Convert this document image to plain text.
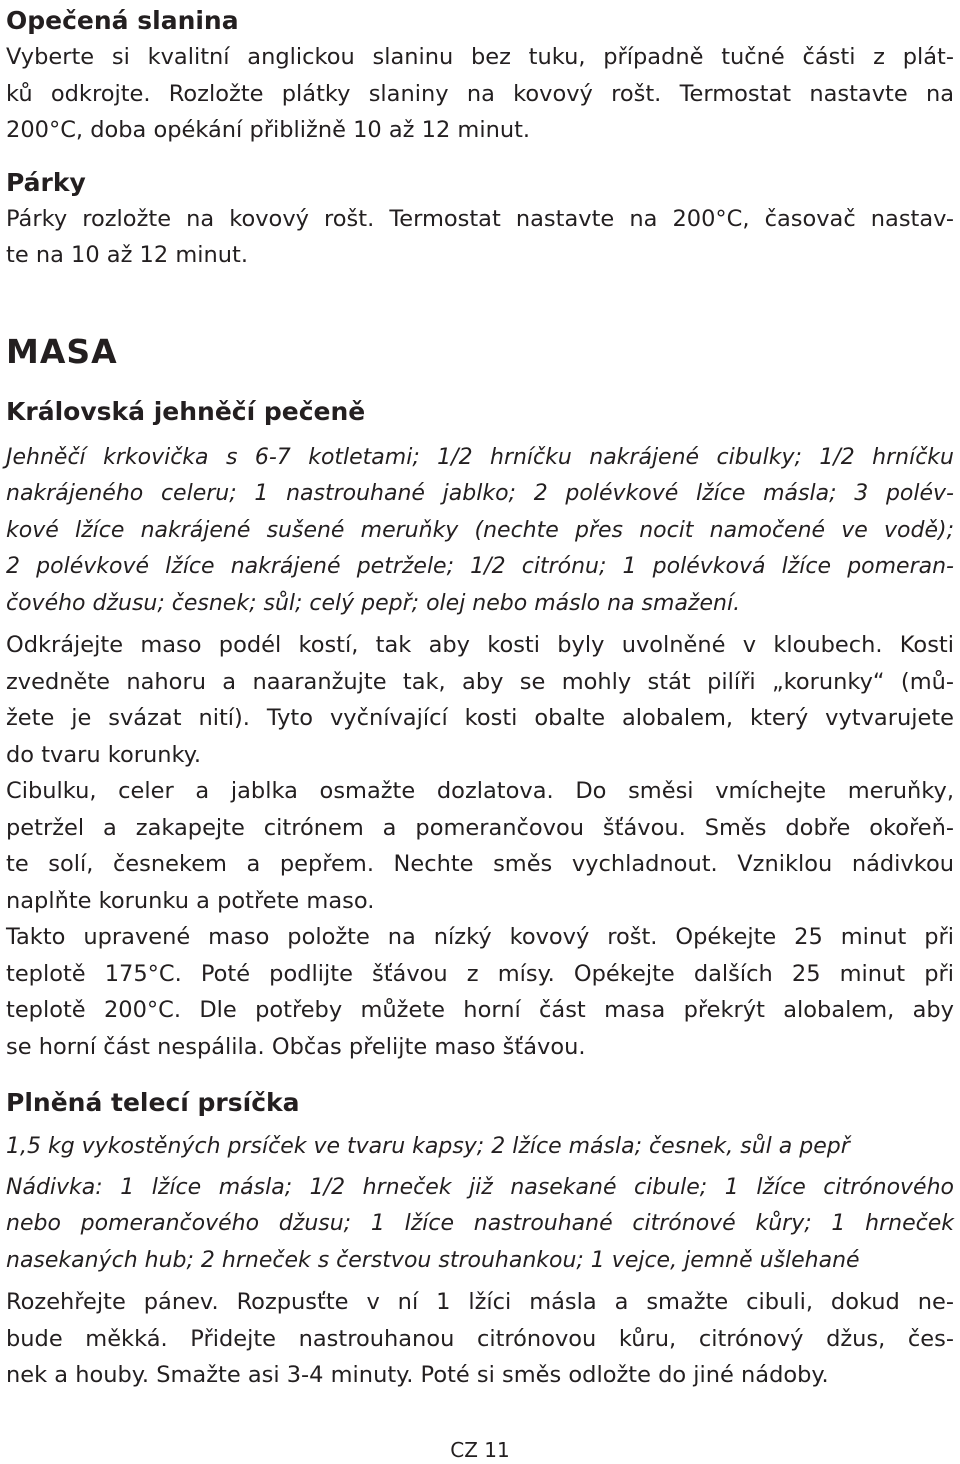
Opečená slanina

Vyberte si kvalitní anglickou slaninu bez tuku, případně tučné části z plát-
ků odkrojte. Rozložte plátky slaniny na kovový rošt. Termostat nastavte na
200°C, doba opékání přibližně 10 až 12 minut.

Párky

Párky rozložte na kovový rošt. Termostat nastavte na 200°C, časovač nastav-
te na 10 až 12 minut.

MASA
Královská jehněčí pečeně

Jehněčí krkovička s 6-7 kotletami; 1/2 hrníčku nakrájené cibulky; 1/2 hrníčku
nakrájeného celeru; 1 nastrouhané jablko; 2 polévkové lžíce másla; 3 polév-
kové lžíce nakrájené sušené meruňky (nechte přes nocit namočené ve vodě);
2 polévkové lžíce nakrájené petržele; 1/2 citrónu; 1 polévková lžíce pomeran-
čového džusu; česnek; sůl; celý pepř; olej nebo máslo na smažení.

Odkrájejte maso podél kostí, tak aby kosti byly uvolněné v kloubech. Kosti
zvedněte nahoru a naaranžujte tak, aby se mohly stát pilíři „korunky“ (mů-
žete je svázat nití). Tyto vyčnívající kosti obalte alobalem, který vytvarujete
do tvaru korunky.
Cibulku, celer a jablka osmažte dozlatova. Do směsi vmíchejte meruňky,
petržel a zakapejte citrónem a pomerančovou šťávou. Směs dobře okořeň-
te solí, česnekem a pepřem. Nechte směs vychladnout. Vzniklou nádivkou
naplňte korunku a potřete maso.
Takto upravené maso položte na nízký kovový rošt. Opékejte 25 minut při
teplotě 175°C. Poté podlijte šťávou z mísy. Opékejte dalších 25 minut při
teplotě 200°C. Dle potřeby můžete horní část masa překrýt alobalem, aby
se horní část nespálila. Občas přelijte maso šťávou.

Plněná telecí prsíčka

1,5 kg vykostěných prsíček ve tvaru kapsy; 2 lžíce másla; česnek, sůl a pepř

Nádivka: 1 lžíce másla; 1/2 hrneček již nasekané cibule; 1 lžíce citrónového
nebo pomerančového džusu; 1 lžíce nastrouhané citrónové kůry; 1 hrneček
nasekaných hub; 2 hrneček s čerstvou strouhankou; 1 vejce, jemně ušlehané

Rozehřejte pánev. Rozpusťte v ní 1 lžíci másla a smažte cibuli, dokud ne-
bude měkká. Přidejte nastrouhanou citrónovou kůru, citrónový džus, čes-
nek a houby. Smažte asi 3-4 minuty. Poté si směs odložte do jiné nádoby.

CZ 11
